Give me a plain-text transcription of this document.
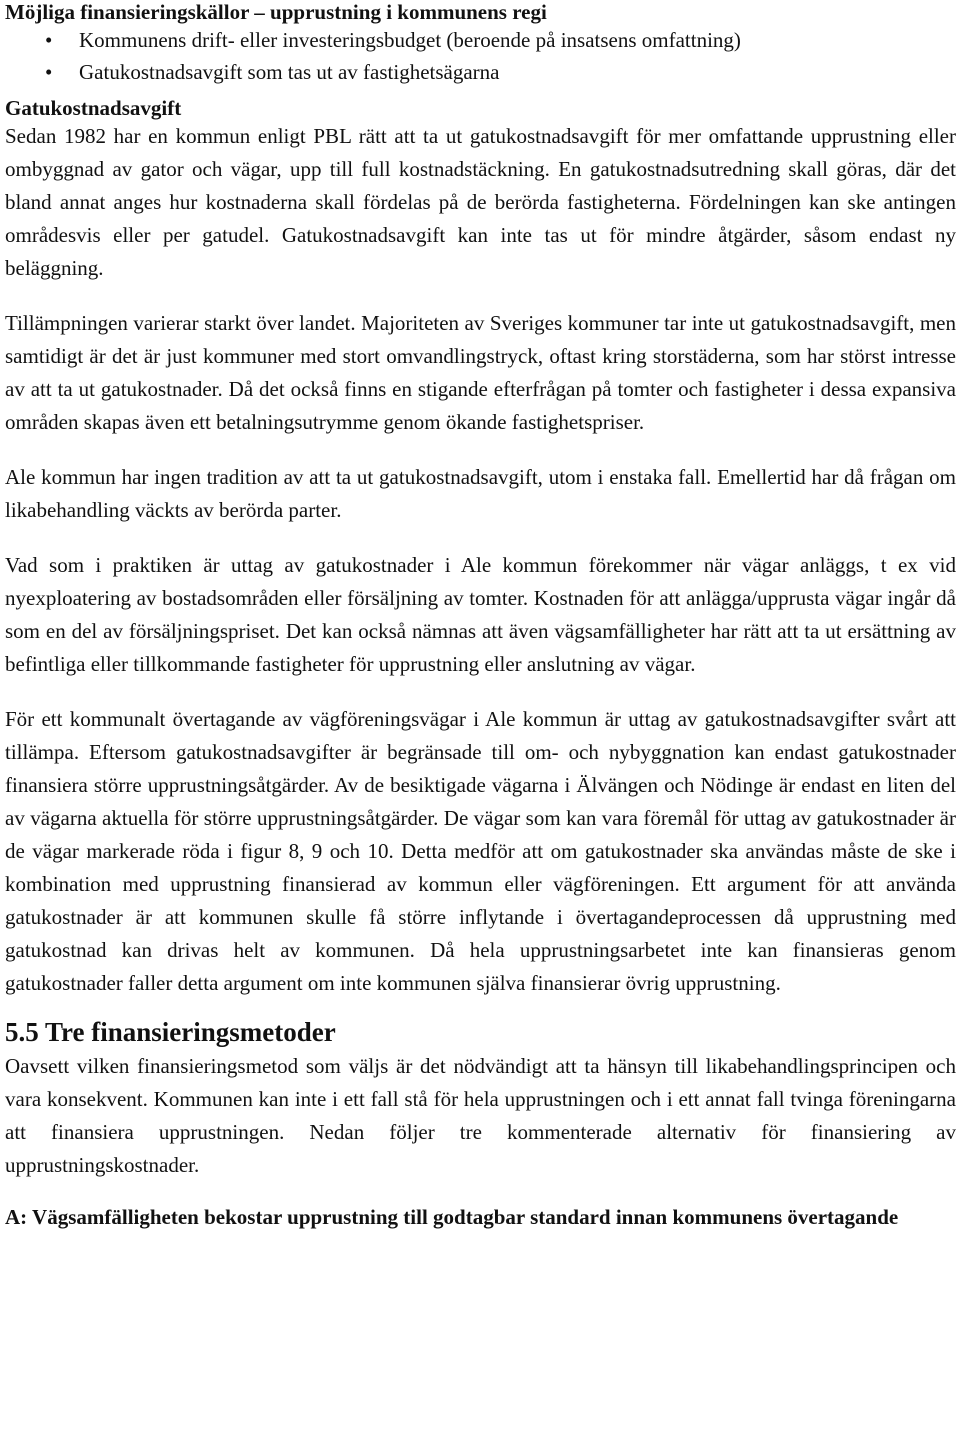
Möjliga finansieringskällor – upprustning i kommunens regi
• Kommunens drift- eller investeringsbudget (beroende på insatsens omfattning)
• Gatukostnadsavgift som tas ut av fastighetsägarna
Gatukostnadsavgift

Sedan 1982 har en kommun enligt PBL rätt att ta ut gatukostnadsavgift för mer omfattande upprustning eller ombyggnad av gator och vägar, upp till full kostnadstäckning. En gatukostnadsutredning skall göras, där det bland annat anges hur kostnaderna skall fördelas på de berörda fastigheterna. Fördelningen kan ske antingen områdesvis eller per gatudel. Gatukostnadsavgift kan inte tas ut för mindre åtgärder, såsom endast ny beläggning.

Tillämpningen varierar starkt över landet. Majoriteten av Sveriges kommuner tar inte ut gatukostnadsavgift, men samtidigt är det är just kommuner med stort omvandlingstryck, oftast kring storstäderna, som har störst intresse av att ta ut gatukostnader. Då det också finns en stigande efterfrågan på tomter och fastigheter i dessa expansiva områden skapas även ett betalningsutrymme genom ökande fastighetspriser.

Ale kommun har ingen tradition av att ta ut gatukostnadsavgift, utom i enstaka fall. Emellertid har då frågan om likabehandling väckts av berörda parter.

Vad som i praktiken är uttag av gatukostnader i Ale kommun förekommer när vägar anläggs, t ex vid nyexploatering av bostadsområden eller försäljning av tomter. Kostnaden för att anlägga/upprusta vägar ingår då som en del av försäljningspriset. Det kan också nämnas att även vägsamfälligheter har rätt att ta ut ersättning av befintliga eller tillkommande fastigheter för upprustning eller anslutning av vägar.

För ett kommunalt övertagande av vägföreningsvägar i Ale kommun är uttag av gatukostnadsavgifter svårt att tillämpa. Eftersom gatukostnadsavgifter är begränsade till om- och nybyggnation kan endast gatukostnader finansiera större upprustningsåtgärder. Av de besiktigade vägarna i Älvängen och Nödinge är endast en liten del av vägarna aktuella för större upprustningsåtgärder. De vägar som kan vara föremål för uttag av gatukostnader är de vägar markerade röda i figur 8, 9 och 10. Detta medför att om gatukostnader ska användas måste de ske i kombination med upprustning finansierad av kommun eller vägföreningen. Ett argument för att använda gatukostnader är att kommunen skulle få större inflytande i övertagandeprocessen då upprustning med gatukostnad kan drivas helt av kommunen. Då hela upprustningsarbetet inte kan finansieras genom gatukostnader faller detta argument om inte kommunen själva finansierar övrig upprustning.

5.5 Tre finansieringsmetoder

Oavsett vilken finansieringsmetod som väljs är det nödvändigt att ta hänsyn till likabehandlingsprincipen och vara konsekvent. Kommunen kan inte i ett fall stå för hela upprustningen och i ett annat fall tvinga föreningarna att finansiera upprustningen. Nedan följer tre kommenterade alternativ för finansiering av upprustningskostnader.

A: Vägsamfälligheten bekostar upprustning till godtagbar standard innan kommunens övertagande
